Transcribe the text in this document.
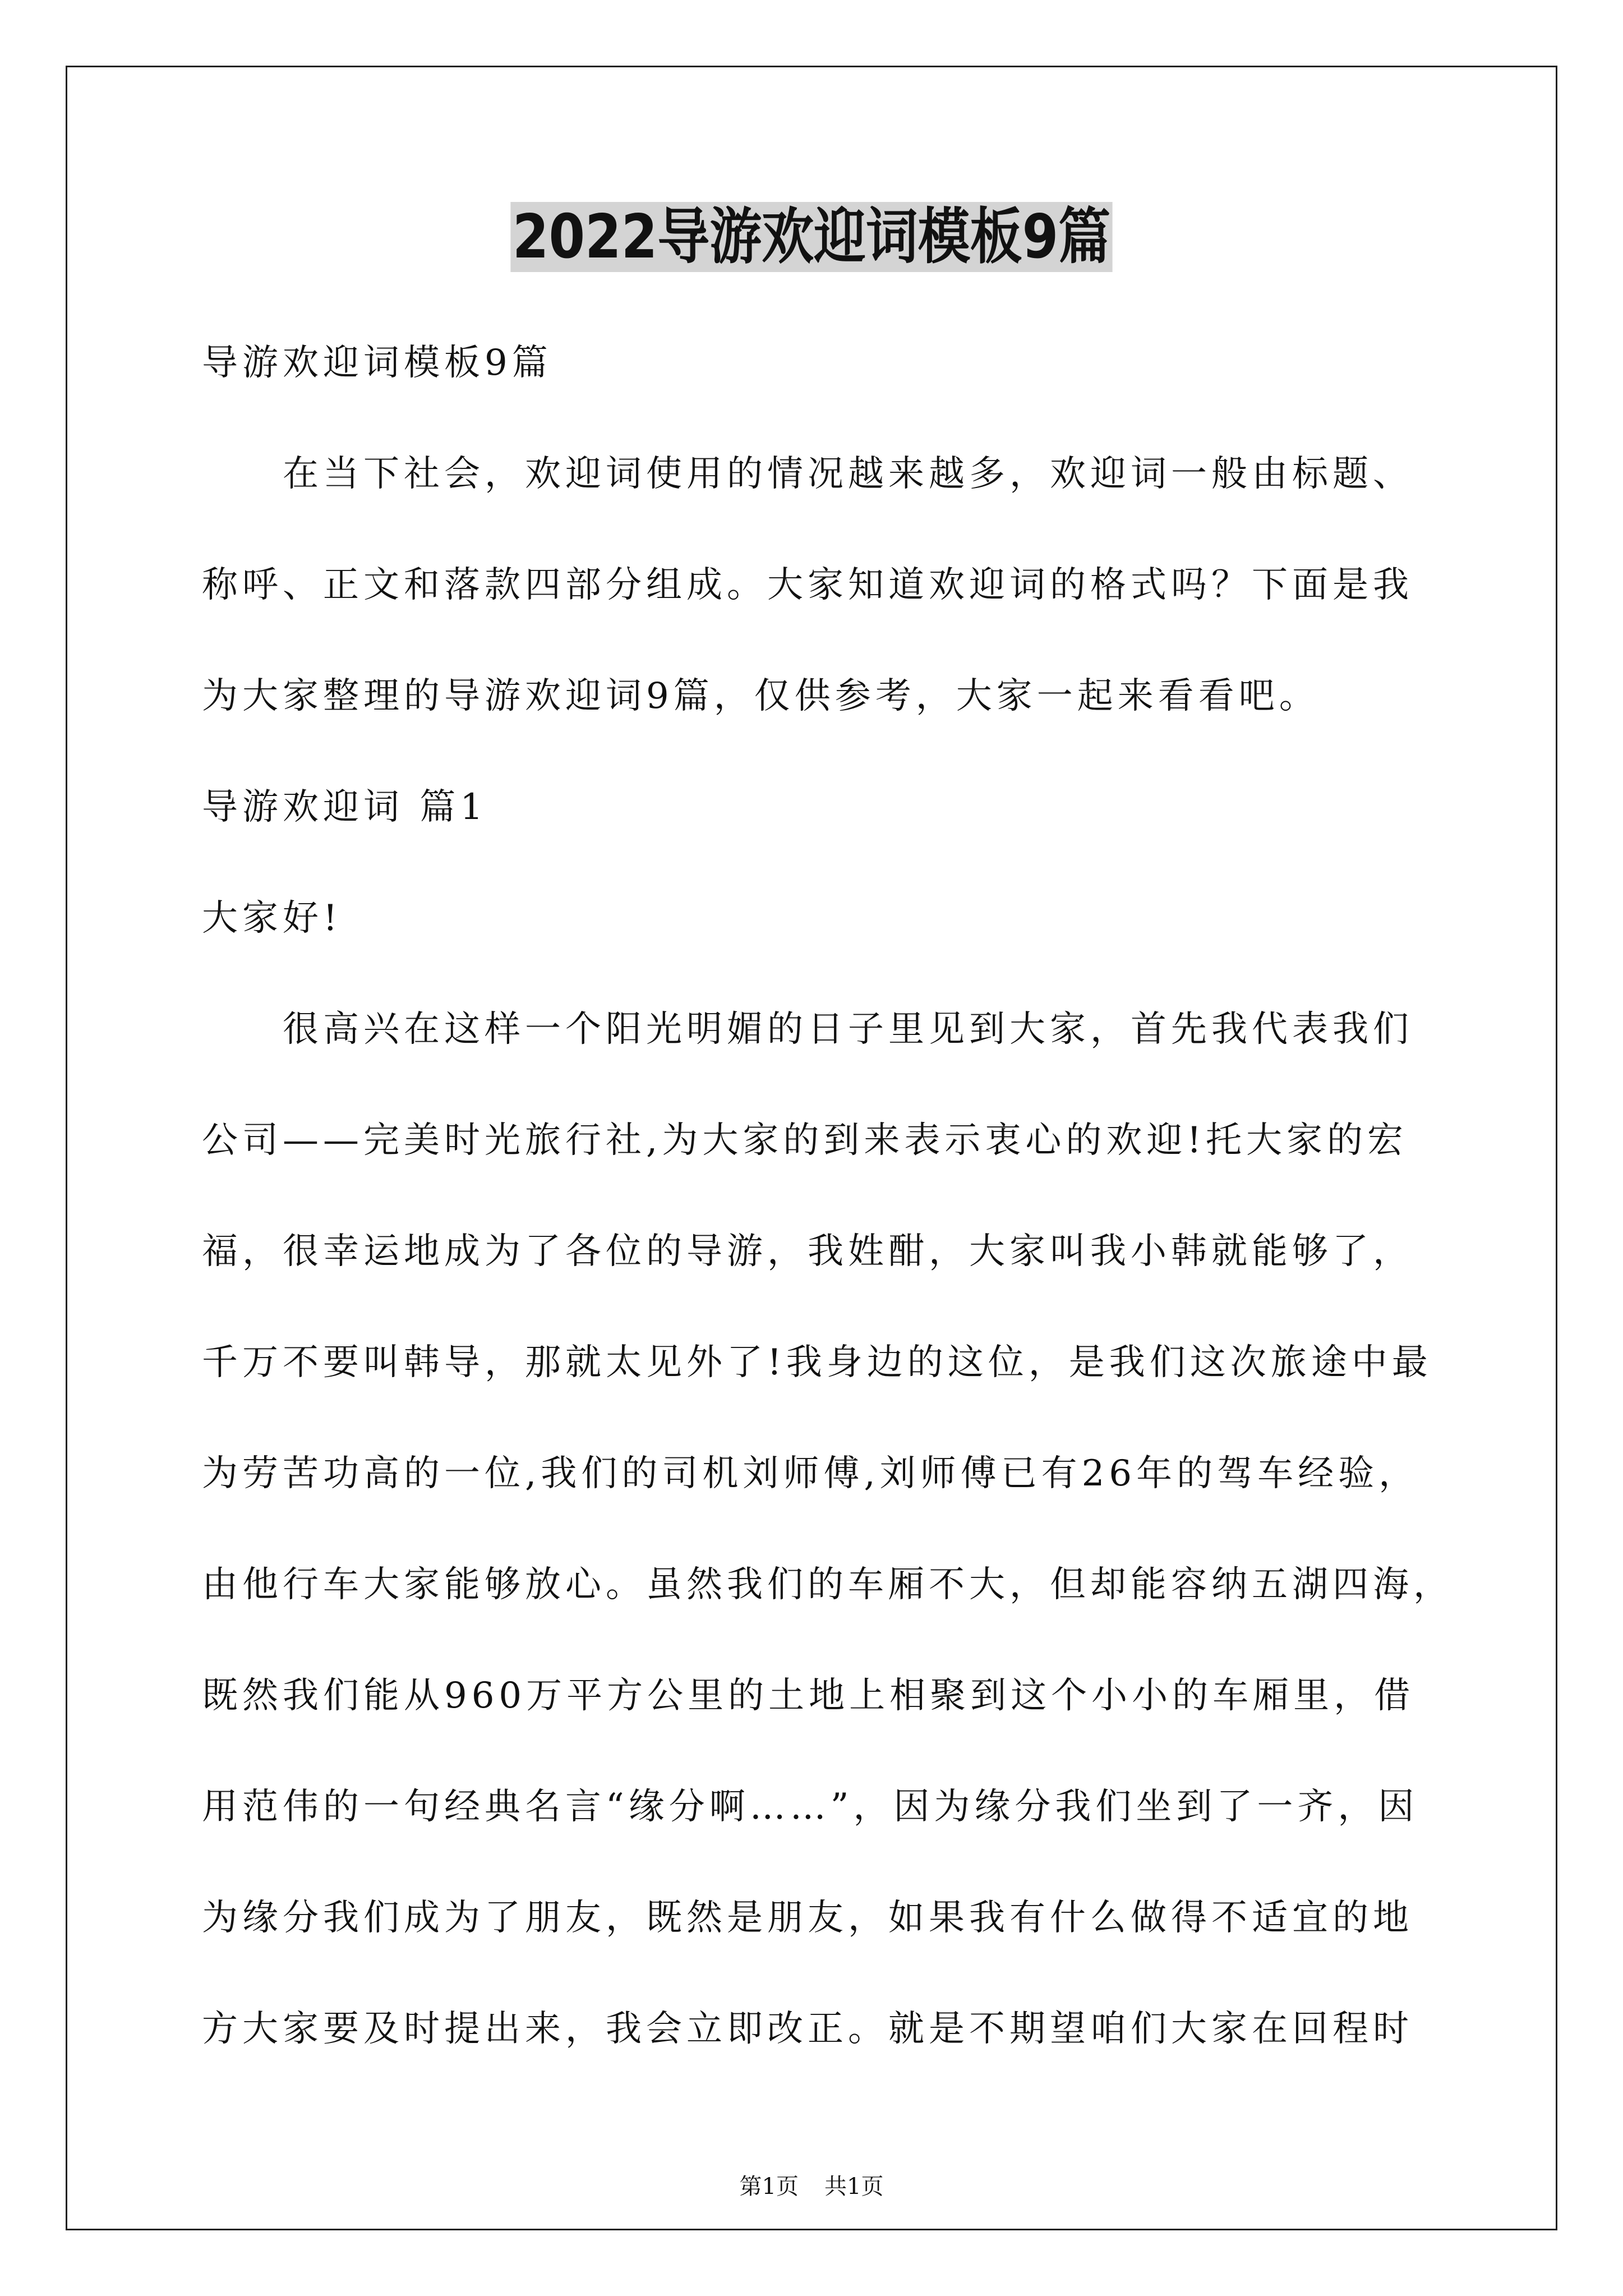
2022导游欢迎词模板9篇
导游欢迎词模板9篇
在当下社会，欢迎词使用的情况越来越多，欢迎词一般由标题、
称呼、正文和落款四部分组成。大家知道欢迎词的格式吗？下面是我
为大家整理的导游欢迎词9篇，仅供参考，大家一起来看看吧。
导游欢迎词 篇1
大家好!
很高兴在这样一个阳光明媚的日子里见到大家，首先我代表我们
公司——完美时光旅行社,为大家的到来表示衷心的欢迎!托大家的宏
福，很幸运地成为了各位的导游，我姓酣，大家叫我小韩就能够了，
千万不要叫韩导，那就太见外了!我身边的这位，是我们这次旅途中最
为劳苦功高的一位,我们的司机刘师傅,刘师傅已有26年的驾车经验，
由他行车大家能够放心。虽然我们的车厢不大，但却能容纳五湖四海，
既然我们能从960万平方公里的土地上相聚到这个小小的车厢里，借
用范伟的一句经典名言“缘分啊……”，因为缘分我们坐到了一齐，因
为缘分我们成为了朋友，既然是朋友，如果我有什么做得不适宜的地
方大家要及时提出来，我会立即改正。就是不期望咱们大家在回程时
第1页 共1页
